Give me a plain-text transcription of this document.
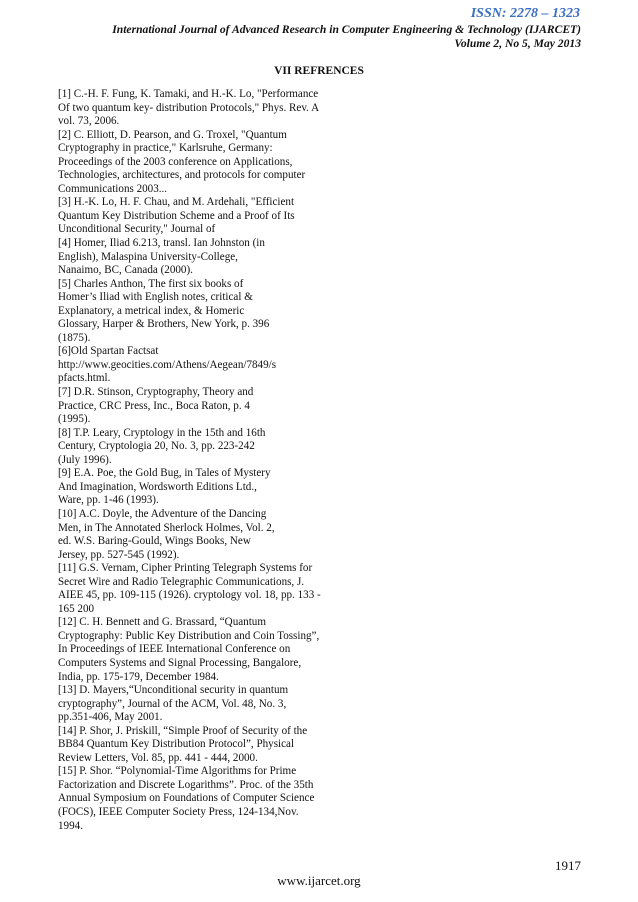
ISSN: 2278 – 1323
International Journal of Advanced Research in Computer Engineering & Technology (IJARCET)
Volume 2, No 5, May 2013
VII REFRENCES
[1] C.-H. F. Fung, K. Tamaki, and H.-K. Lo, "Performance
Of two quantum key- distribution Protocols," Phys. Rev. A
vol. 73, 2006.
[2] C. Elliott, D. Pearson, and G. Troxel, "Quantum
Cryptography in practice," Karlsruhe, Germany:
Proceedings of the 2003 conference on Applications,
Technologies, architectures, and protocols for computer
Communications 2003...
[3] H.-K. Lo, H. F. Chau, and M. Ardehali, "Efficient
Quantum Key Distribution Scheme and a Proof of Its
Unconditional Security," Journal of
[4] Homer, Iliad 6.213, transl. Ian Johnston (in
English), Malaspina University-College,
Nanaimo, BC, Canada (2000).
[5] Charles Anthon, The first six books of
Homer’s Iliad with English notes, critical &
Explanatory, a metrical index, & Homeric
Glossary, Harper & Brothers, New York, p. 396
(1875).
[6]Old Spartan Factsat
http://www.geocities.com/Athens/Aegean/7849/s
pfacts.html.
[7] D.R. Stinson, Cryptography, Theory and
Practice, CRC Press, Inc., Boca Raton, p. 4
(1995).
[8] T.P. Leary, Cryptology in the 15th and 16th
Century, Cryptologia 20, No. 3, pp. 223-242
(July 1996).
[9] E.A. Poe, the Gold Bug, in Tales of Mystery
And Imagination, Wordsworth Editions Ltd.,
Ware, pp. 1-46 (1993).
[10] A.C. Doyle, the Adventure of the Dancing
Men, in The Annotated Sherlock Holmes, Vol. 2,
ed. W.S. Baring-Gould, Wings Books, New
Jersey, pp. 527-545 (1992).
[11] G.S. Vernam, Cipher Printing Telegraph Systems for
Secret Wire and Radio Telegraphic Communications, J.
AIEE 45, pp. 109-115 (1926). cryptology vol. 18, pp. 133 -
165 200
[12] C. H. Bennett and G. Brassard, “Quantum
Cryptography: Public Key Distribution and Coin Tossing”,
In Proceedings of IEEE International Conference on
Computers Systems and Signal Processing, Bangalore,
India, pp. 175-179, December 1984.
[13] D. Mayers,“Unconditional security in quantum
cryptography”, Journal of the ACM, Vol. 48, No. 3,
pp.351-406, May 2001.
[14] P. Shor, J. Priskill, “Simple Proof of Security of the
BB84 Quantum Key Distribution Protocol”, Physical
Review Letters, Vol. 85, pp. 441 - 444, 2000.
[15] P. Shor. “Polynomial-Time Algorithms for Prime
Factorization and Discrete Logarithms”. Proc. of the 35th
Annual Symposium on Foundations of Computer Science
(FOCS), IEEE Computer Society Press, 124-134,Nov.
1994.
1917
www.ijarcet.org
